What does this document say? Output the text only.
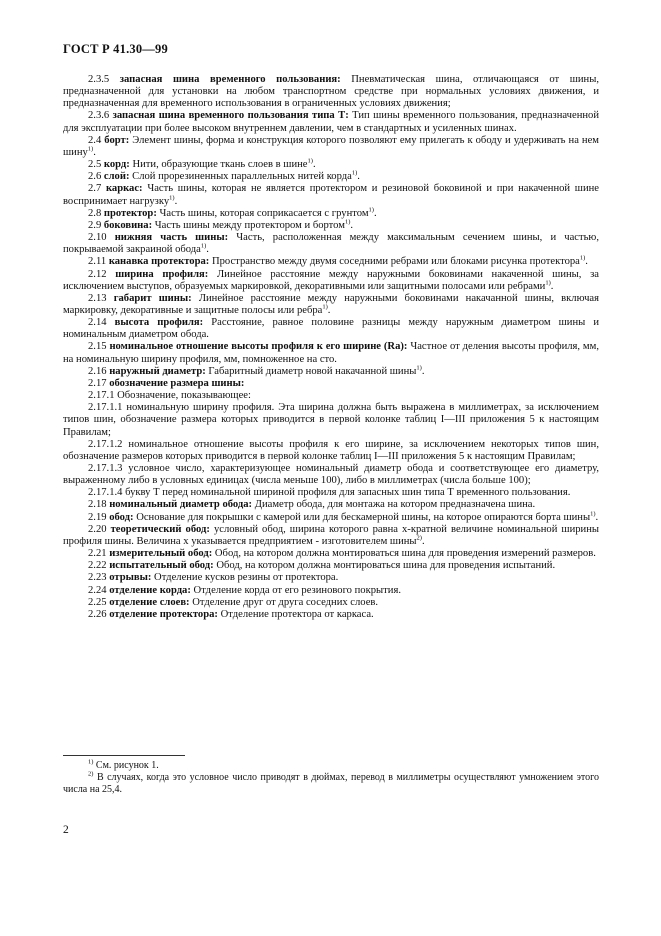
ГОСТ Р 41.30—99

2.3.5 запасная шина временного пользования: Пневматическая шина, отличающаяся от шины, предназначенной для установки на любом транспортном средстве при нормальных условиях движения, и предназначенная для временного использования в ограниченных условиях движения;

2.3.6 запасная шина временного пользования типа Т: Тип шины временного пользования, предназначенной для эксплуатации при более высоком внутреннем давлении, чем в стандартных и усиленных шинах.

2.4 борт: Элемент шины, форма и конструкция которого позволяют ему прилегать к ободу и удерживать на нем шину$^{1)}$.

2.5 корд: Нити, образующие ткань слоев в шине$^{1)}$.

2.6 слой: Слой прорезиненных параллельных нитей корда$^{1)}$.

2.7 каркас: Часть шины, которая не является протектором и резиновой боковиной и при накаченной шине воспринимает нагрузку$^{1)}$.

2.8 протектор: Часть шины, которая соприкасается с грунтом$^{1)}$.

2.9 боковина: Часть шины между протектором и бортом$^{1)}$.

2.10 нижняя часть шины: Часть, расположенная между максимальным сечением шины, и частью, покрываемой закраиной обода$^{1)}$.

2.11 канавка протектора: Пространство между двумя соседними ребрами или блоками рисунка протектора$^{1)}$.

2.12 ширина профиля: Линейное расстояние между наружными боковинами накаченной шины, за исключением выступов, образуемых маркировкой, декоративными или защитными полосами или ребрами$^{1)}$.

2.13 габарит шины: Линейное расстояние между наружными боковинами накачанной шины, включая маркировку, декоративные и защитные полосы или ребра$^{1)}$.

2.14 высота профиля: Расстояние, равное половине разницы между наружным диаметром шины и номинальным диаметром обода.

2.15 номинальное отношение высоты профиля к его ширине (Ra): Частное от деления высоты профиля, мм, на номинальную ширину профиля, мм, помноженное на сто.

2.16 наружный диаметр: Габаритный диаметр новой накачанной шины$^{1)}$.

2.17 обозначение размера шины:

2.17.1 Обозначение, показывающее:

2.17.1.1 номинальную ширину профиля. Эта ширина должна быть выражена в миллиметрах, за исключением типов шин, обозначение размера которых приводится в первой колонке таблиц I—III приложения 5 к настоящим Правилам;

2.17.1.2 номинальное отношение высоты профиля к его ширине, за исключением некоторых типов шин, обозначение размеров которых приводится в первой колонке таблиц I—III приложения 5 к настоящим Правилам;

2.17.1.3 условное число, характеризующее номинальный диаметр обода и соответствующее его диаметру, выраженному либо в условных единицах (числа меньше 100), либо в миллиметрах (числа больше 100);

2.17.1.4 букву Т перед номинальной шириной профиля для запасных шин типа Т временного пользования.

2.18 номинальный диаметр обода: Диаметр обода, для монтажа на котором предназначена шина.

2.19 обод: Основание для покрышки с камерой или для бескамерной шины, на которое опираются борта шины$^{1)}$.

2.20 теоретический обод: условный обод, ширина которого равна x-кратной величине номинальной ширины профиля шины. Величина x указывается предприятием - изготовителем шины$^{2)}$.

2.21 измерительный обод: Обод, на котором должна монтироваться шина для проведения измерений размеров.

2.22 испытательный обод: Обод, на котором должна монтироваться шина для проведения испытаний.

2.23 отрывы: Отделение кусков резины от протектора.

2.24 отделение корда: Отделение корда от его резинового покрытия.

2.25 отделение слоев: Отделение друг от друга соседних слоев.

2.26 отделение протектора: Отделение протектора от каркаса.

$^{1)}$ См. рисунок 1.

$^{2)}$ В случаях, когда это условное число приводят в дюймах, перевод в миллиметры осуществляют умножением этого числа на 25,4.

2
